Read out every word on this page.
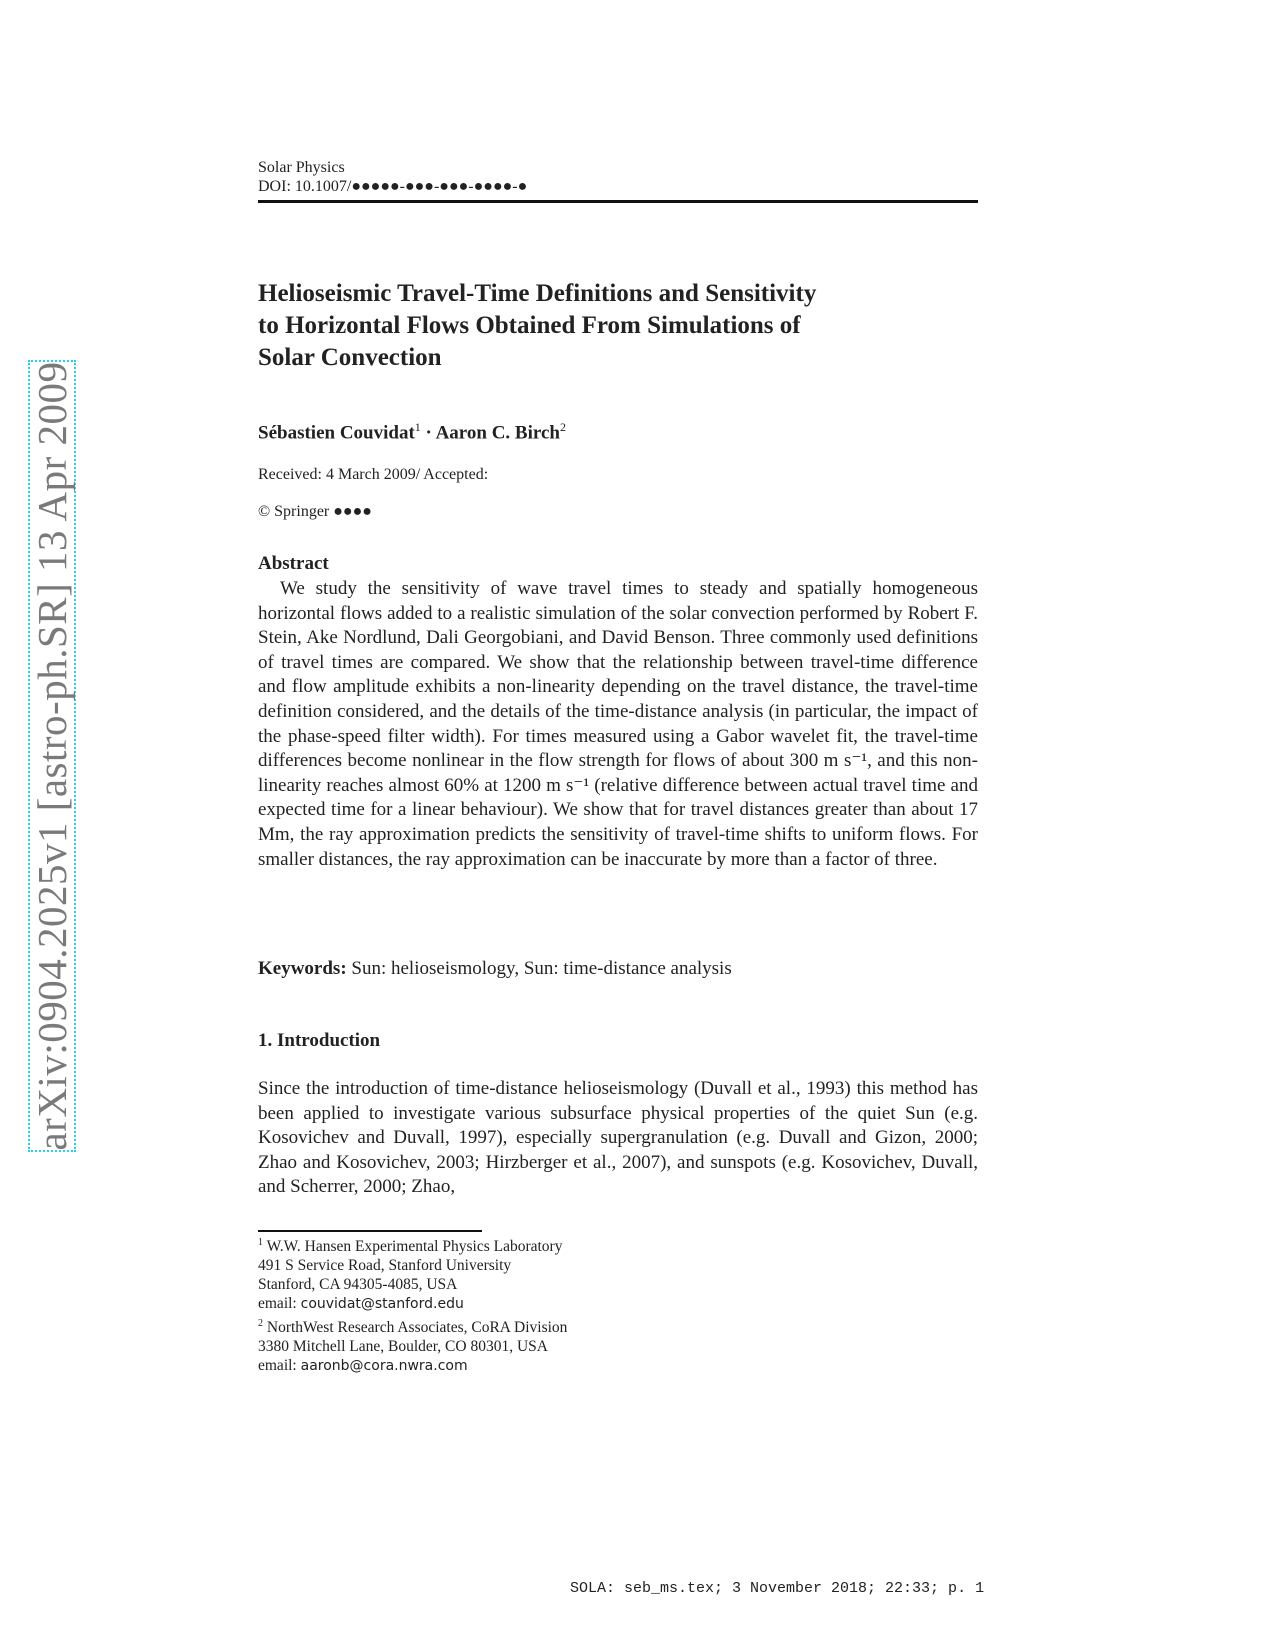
arXiv:0904.2025v1 [astro-ph.SR] 13 Apr 2009
Solar Physics
DOI: 10.1007/●●●●●-●●●-●●●-●●●●-●
Helioseismic Travel-Time Definitions and Sensitivity
to Horizontal Flows Obtained From Simulations of
Solar Convection
Sébastien Couvidat$^1$ · Aaron C. Birch$^2$
Received: 4 March 2009/ Accepted:
© Springer ●●●●
Abstract
We study the sensitivity of wave travel times to steady and spatially homogeneous horizontal flows added to a realistic simulation of the solar convection performed by Robert F. Stein, Ake Nordlund, Dali Georgobiani, and David Benson. Three commonly used definitions of travel times are compared. We show that the relationship between travel-time difference and flow amplitude exhibits a non-linearity depending on the travel distance, the travel-time definition considered, and the details of the time-distance analysis (in particular, the impact of the phase-speed filter width). For times measured using a Gabor wavelet fit, the travel-time differences become nonlinear in the flow strength for flows of about 300 m s⁻¹, and this non-linearity reaches almost 60% at 1200 m s⁻¹ (relative difference between actual travel time and expected time for a linear behaviour). We show that for travel distances greater than about 17 Mm, the ray approximation predicts the sensitivity of travel-time shifts to uniform flows. For smaller distances, the ray approximation can be inaccurate by more than a factor of three.
Keywords: Sun: helioseismology, Sun: time-distance analysis
1. Introduction
Since the introduction of time-distance helioseismology (Duvall et al., 1993) this method has been applied to investigate various subsurface physical properties of the quiet Sun (e.g. Kosovichev and Duvall, 1997), especially supergranulation (e.g. Duvall and Gizon, 2000; Zhao and Kosovichev, 2003; Hirzberger et al., 2007), and sunspots (e.g. Kosovichev, Duvall, and Scherrer, 2000; Zhao,
$^1$ W.W. Hansen Experimental Physics Laboratory
491 S Service Road, Stanford University
Stanford, CA 94305-4085, USA
email: couvidat@stanford.edu
$^2$ NorthWest Research Associates, CoRA Division
3380 Mitchell Lane, Boulder, CO 80301, USA
email: aaronb@cora.nwra.com
SOLA: seb_ms.tex; 3 November 2018; 22:33; p. 1
